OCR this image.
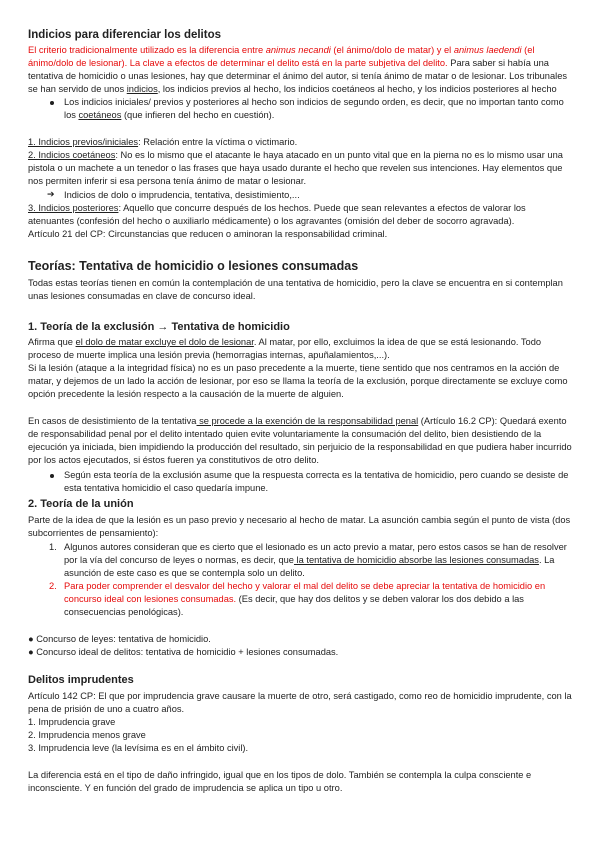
Indicios para diferenciar los delitos

El criterio tradicionalmente utilizado es la diferencia entre animus necandi (el ánimo/dolo de matar) y el animus laedendi (el ánimo/dolo de lesionar). La clave a efectos de determinar el delito está en la parte subjetiva del delito. Para saber si había una tentativa de homicidio o unas lesiones, hay que determinar el ánimo del autor, si tenía ánimo de matar o de lesionar. Los tribunales se han servido de unos indicios, los indicios previos al hecho, los indicios coetáneos al hecho, y los indicios posteriores al hecho

Los indicios iniciales/ previos y posteriores al hecho son indicios de segundo orden, es decir, que no importan tanto como los coetáneos (que infieren del hecho en cuestión).

1. Indicios previos/iniciales: Relación entre la víctima o victimario.

2. Indicios coetáneos: No es lo mismo que el atacante le haya atacado en un punto vital que en la pierna no es lo mismo usar una pistola o un machete a un tenedor o las frases que haya usado durante el hecho que revelen sus intenciones. Hay elementos que nos permiten inferir si esa persona tenía ánimo de matar o lesionar.

➔ Indicios de dolo o imprudencia, tentativa, desistimiento,...

3. Indicios posteriores: Aquello que concurre después de los hechos. Puede que sean relevantes a efectos de valorar los atenuantes (confesión del hecho o auxiliarlo médicamente) o los agravantes (omisión del deber de socorro agravada).

Artículo 21 del CP: Circunstancias que reducen o aminoran la responsabilidad criminal.

Teorías: Tentativa de homicidio o lesiones consumadas

Todas estas teorías tienen en común la contemplación de una tentativa de homicidio, pero la clave se encuentra en si contemplan unas lesiones consumadas en clave de concurso ideal.

1. Teoría de la exclusión → Tentativa de homicidio

Afirma que el dolo de matar excluye el dolo de lesionar. Al matar, por ello, excluimos la idea de que se está lesionando. Todo proceso de muerte implica una lesión previa (hemorragias internas, apuñalamientos,...).

Si la lesión (ataque a la integridad física) no es un paso precedente a la muerte, tiene sentido que nos centramos en la acción de matar, y dejemos de un lado la acción de lesionar, por eso se llama la teoría de la exclusión, porque directamente se excluye como opción precedente la lesión respecto a la causación de la muerte de alguien.

En casos de desistimiento de la tentativa se procede a la exención de la responsabilidad penal (Artículo 16.2 CP): Quedará exento de responsabilidad penal por el delito intentado quien evite voluntariamente la consumación del delito, bien desistiendo de la ejecución ya iniciada, bien impidiendo la producción del resultado, sin perjuicio de la responsabilidad en que pudiera haber incurrido por los actos ejecutados, si éstos fueren ya constitutivos de otro delito.

Según esta teoría de la exclusión asume que la respuesta correcta es la tentativa de homicidio, pero cuando se desiste de esta tentativa homicidio el caso quedaría impune.

2. Teoría de la unión

Parte de la idea de que la lesión es un paso previo y necesario al hecho de matar. La asunción cambia según el punto de vista (dos subcorrientes de pensamiento):

1. Algunos autores consideran que es cierto que el lesionado es un acto previo a matar, pero estos casos se han de resolver por la vía del concurso de leyes o normas, es decir, que la tentativa de homicidio absorbe las lesiones consumadas. La asunción de este caso es que se contempla solo un delito.

2. Para poder comprender el desvalor del hecho y valorar el mal del delito se debe apreciar la tentativa de homicidio en concurso ideal con lesiones consumadas. (Es decir, que hay dos delitos y se deben valorar los dos debido a las consecuencias penológicas).

● Concurso de leyes: tentativa de homicidio.

● Concurso ideal de delitos: tentativa de homicidio + lesiones consumadas.

Delitos imprudentes

Artículo 142 CP: El que por imprudencia grave causare la muerte de otro, será castigado, como reo de homicidio imprudente, con la pena de prisión de uno a cuatro años.

1. Imprudencia grave

2. Imprudencia menos grave

3. Imprudencia leve (la levísima es en el ámbito civil).

La diferencia está en el tipo de daño infringido, igual que en los tipos de dolo. También se contempla la culpa consciente e inconsciente. Y en función del grado de imprudencia se aplica un tipo u otro.
